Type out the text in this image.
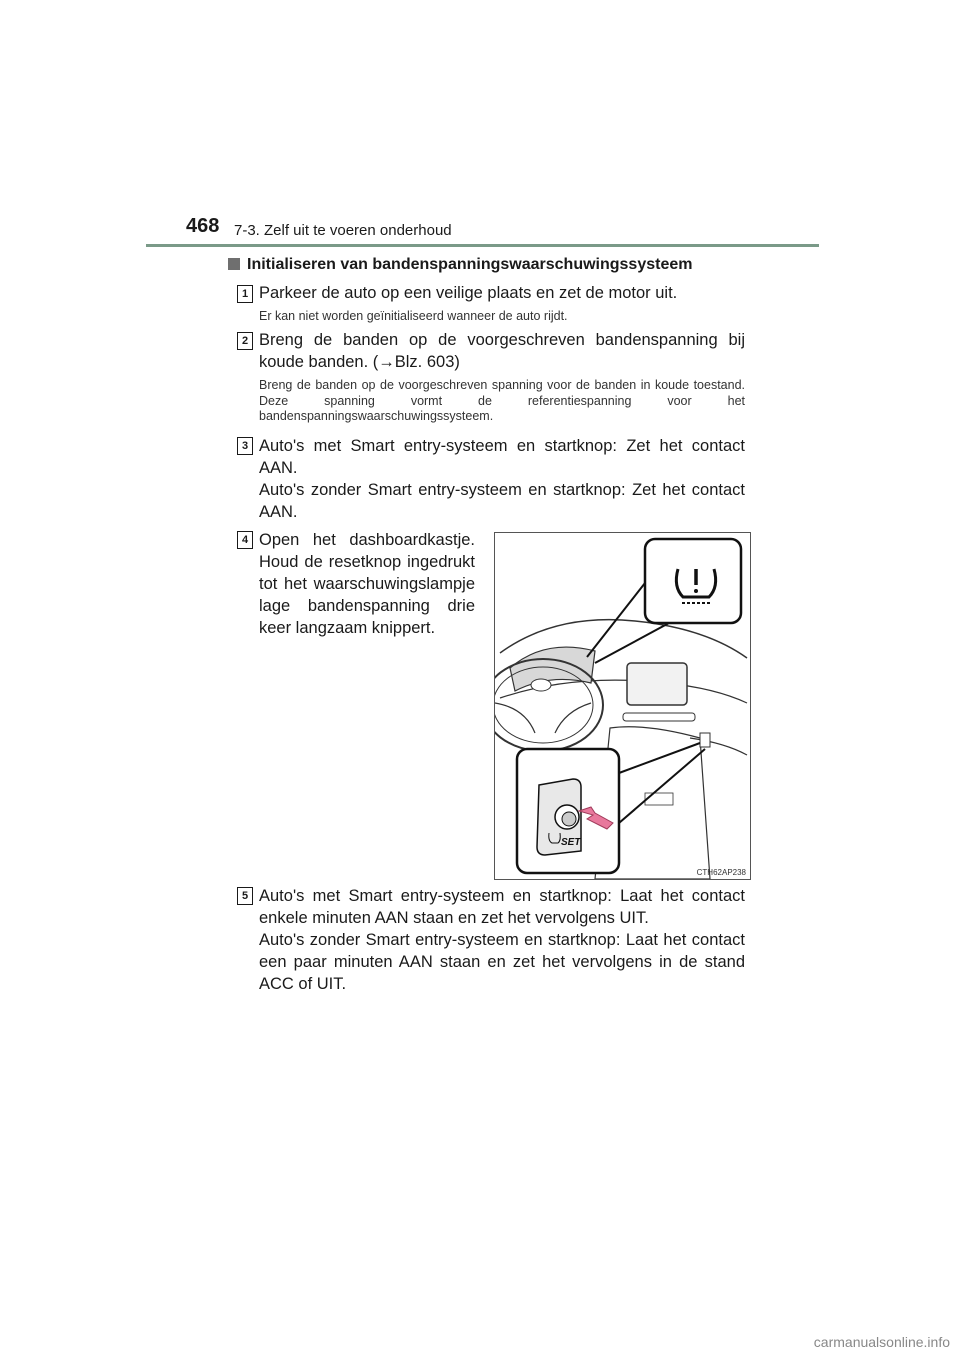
468 7-3. Zelf uit te voeren onderhoud
Initialiseren van bandenspanningswaarschuwingssysteem
1 Parkeer de auto op een veilige plaats en zet de motor uit.
Er kan niet worden geïnitialiseerd wanneer de auto rijdt.
2 Breng de banden op de voorgeschreven bandenspanning bij koude banden. (→Blz. 603)
Breng de banden op de voorgeschreven spanning voor de banden in koude toestand. Deze spanning vormt de referentiespanning voor het bandenspanningswaarschuwingssysteem.
3 Auto's met Smart entry-systeem en startknop: Zet het contact AAN.
Auto's zonder Smart entry-systeem en startknop: Zet het contact AAN.
4 Open het dashboardkastje. Houd de resetknop ingedrukt tot het waarschuwingslampje lage bandenspanning drie keer langzaam knippert.
SET
CTH62AP238
5 Auto's met Smart entry-systeem en startknop: Laat het contact enkele minuten AAN staan en zet het vervolgens UIT.
Auto's zonder Smart entry-systeem en startknop: Laat het contact een paar minuten AAN staan en zet het vervolgens in de stand ACC of UIT.
carmanualsonline.info
